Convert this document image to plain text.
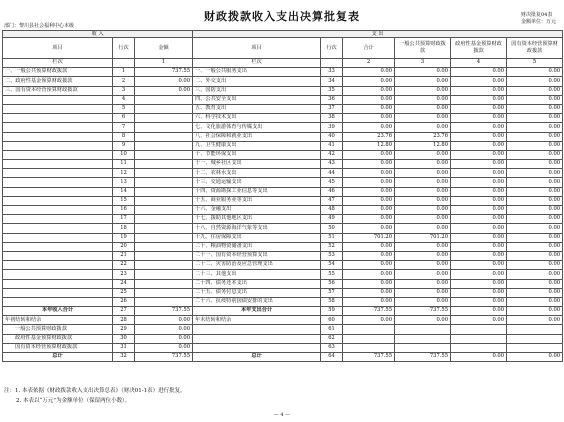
财政拨款收入支出决算批复表	财决批复04表
金额单位：万元
部门：黎川县社会福利中心本级
收 入			支 出					
项目	行次	金额	项目	行次	合计	一般公共预算财政拨款	政府性基金预算财政拨款	国有资本经营预算财政拨款
栏次		1	栏次		2	3	4	5
一、一般公共预算财政拨款	1	737.55	一、一般公共服务支出	33	0.00	0.00	0.00	0.00
二、政府性基金预算财政拨款	2	0.00	二、外交支出	34	0.00	0.00	0.00	0.00
三、国有资本经营预算财政拨款	3	0.00	三、国防支出	35	0.00	0.00	0.00	0.00
	4		四、公共安全支出	36	0.00	0.00	0.00	0.00
	5		五、教育支出	37	0.00	0.00	0.00	0.00
	6		六、科学技术支出	38	0.00	0.00	0.00	0.00
	7		七、文化旅游体育与传媒支出	39	0.00	0.00	0.00	0.00
	8		八、社会保障和就业支出	40	23.76	23.76	0.00	0.00
	9		九、卫生健康支出	41	12.80	12.80	0.00	0.00
	10		十、节能环保支出	42	0.00	0.00	0.00	0.00
	11		十一、城乡社区支出	43	0.00	0.00	0.00	0.00
	12		十二、农林水支出	44	0.00	0.00	0.00	0.00
	13		十三、交通运输支出	45	0.00	0.00	0.00	0.00
	14		十四、资源勘探工业信息等支出	46	0.00	0.00	0.00	0.00
	15		十五、商业服务业等支出	47	0.00	0.00	0.00	0.00
	16		十六、金融支出	48	0.00	0.00	0.00	0.00
	17		十七、援助其他地区支出	49	0.00	0.00	0.00	0.00
	18		十八、自然资源海洋气象等支出	50	0.00	0.00	0.00	0.00
	19		十九、住房保障支出	51	701.20	701.20	0.00	0.00
	20		二十、粮油物资储备支出	52	0.00	0.00	0.00	0.00
	21		二十一、国有资本经营预算支出	53	0.00	0.00	0.00	0.00
	22		二十二、灾害防治及应急管理支出	54	0.00	0.00	0.00	0.00
	23		二十三、其他支出	55	0.00	0.00	0.00	0.00
	24		二十四、债务还本支出	56	0.00	0.00	0.00	0.00
	25		二十五、债务付息支出	57	0.00	0.00	0.00	0.00
	26		二十六、抗疫特别国债安排的支出	58	0.00	0.00	0.00	0.00
本年收入合计	27	737.55	本年支出合计	59	737.55	737.55	0.00	0.00
年初结转和结余	28	0.00	年末结转和结余	60	0.00	0.00	0.00	0.00
一般公共预算财政拨款	29	0.00		61				
政府性基金预算财政拨款	30	0.00		62				
国有资本经营预算财政拨款	31	0.00		63				
总计	32	737.55	总计	64	737.55	737.55	0.00	0.00
注：1. 本表依据《财政拨款收入支出决算总表》（财决01-1表）进行批复。
2. 本表以“万元”为金额单位（保留两位小数）。
— 4 —
